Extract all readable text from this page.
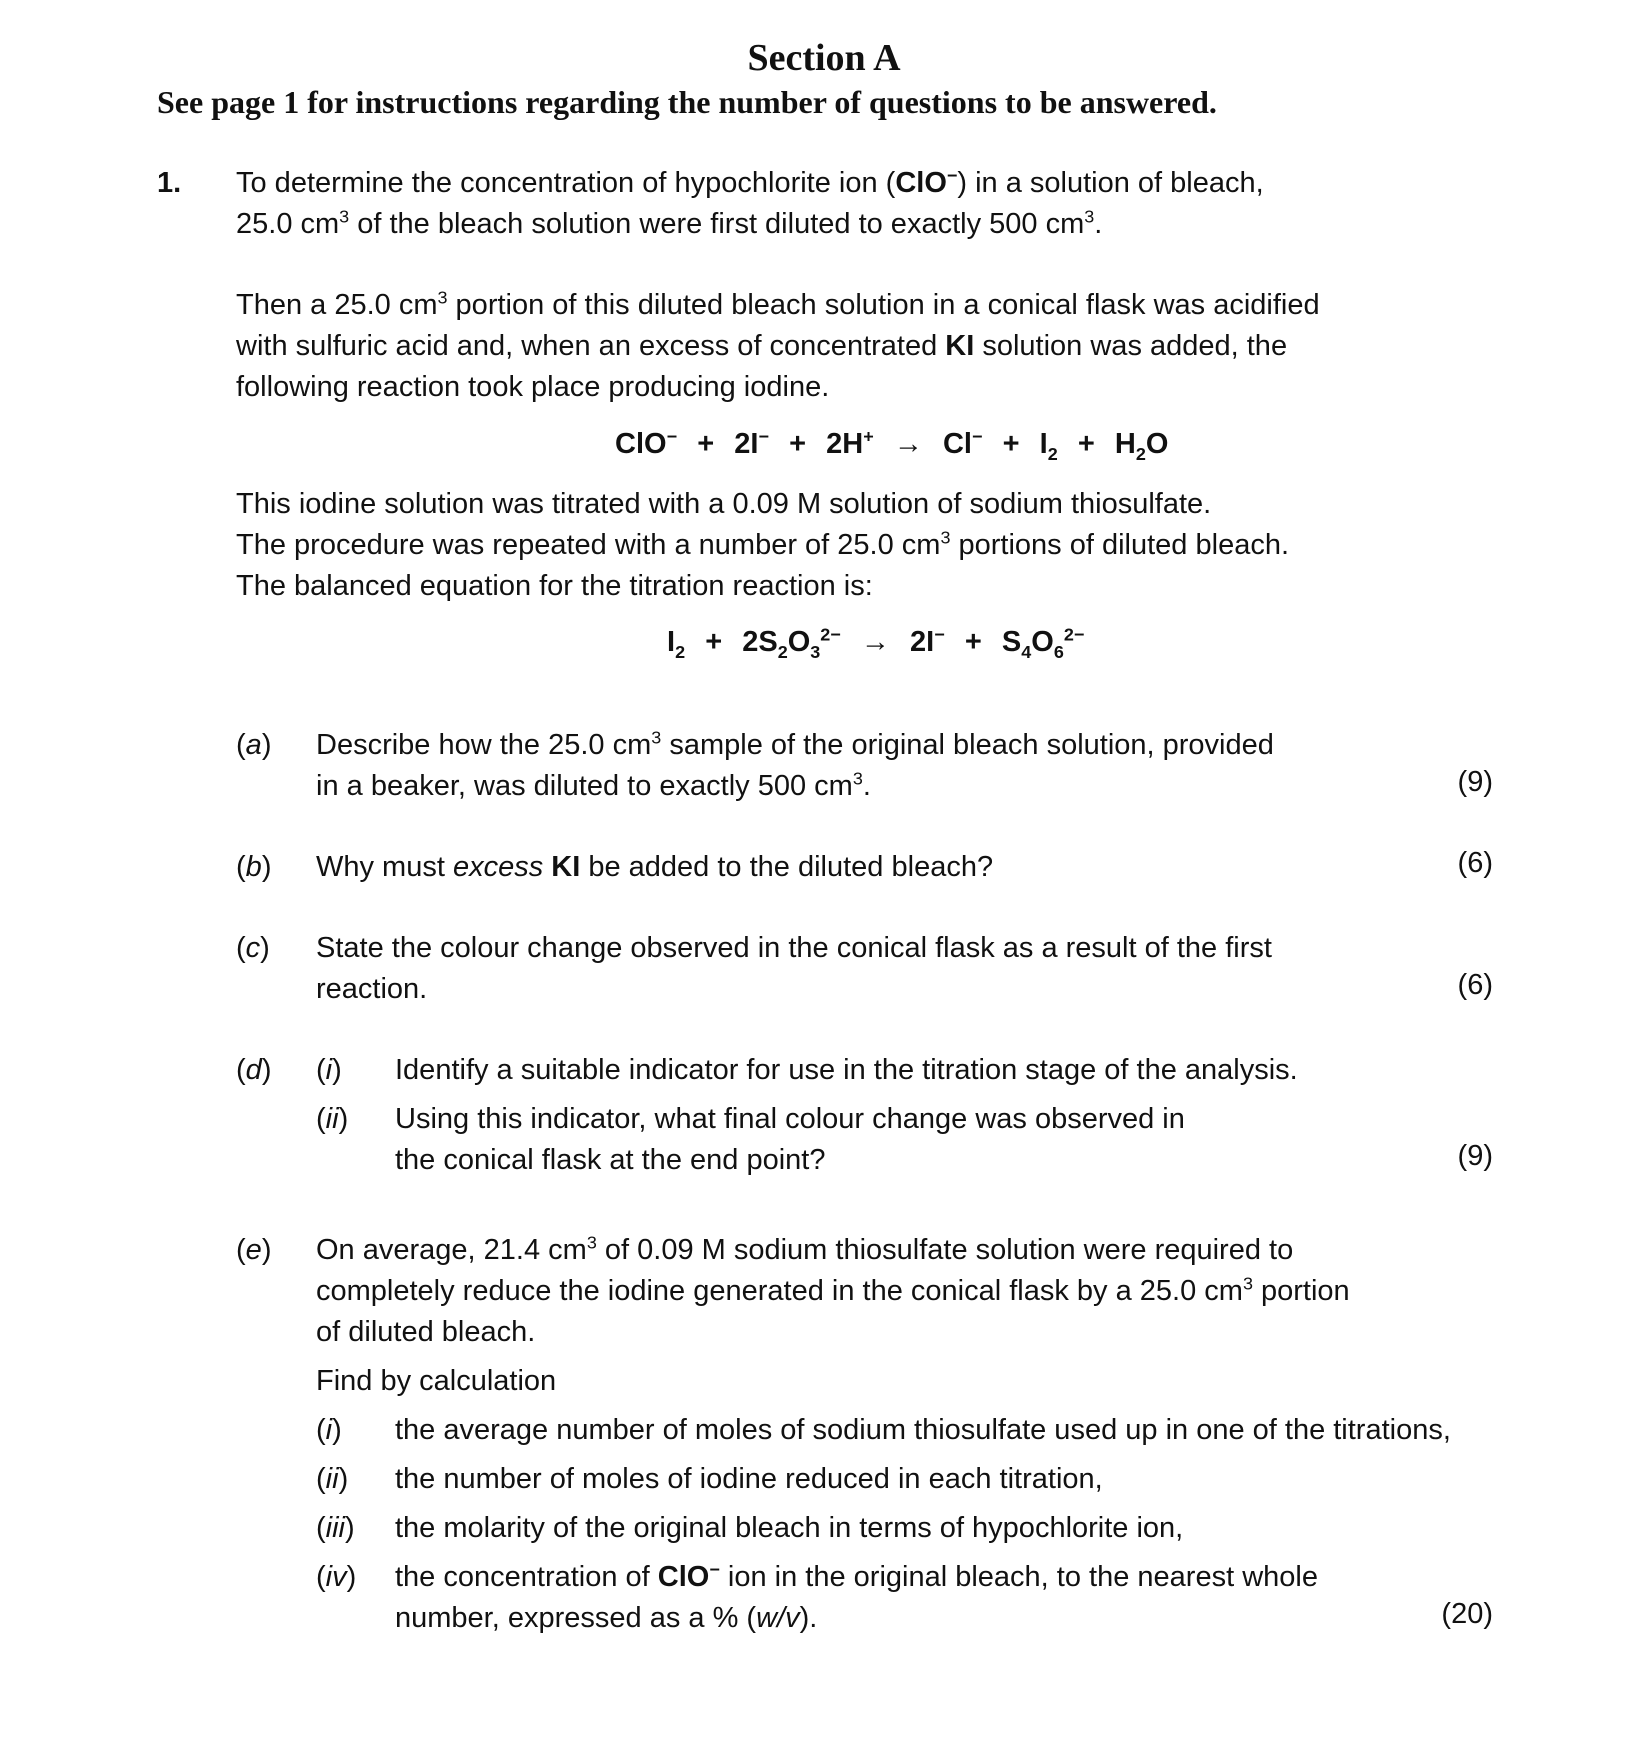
Section A
See page 1 for instructions regarding the number of questions to be answered.
1. To determine the concentration of hypochlorite ion (ClO−) in a solution of bleach,
25.0 $cm^3$ of the bleach solution were first diluted to exactly 500 $cm^3$.
Then a 25.0 $cm^3$ portion of this diluted bleach solution in a conical flask was acidified
with sulfuric acid and, when an excess of concentrated KI solution was added, the
following reaction took place producing iodine.
$ClO^- + 2I^- + 2H^+ \to Cl^- + I_2 + H_2O$
This iodine solution was titrated with a 0.09 M solution of sodium thiosulfate.
The procedure was repeated with a number of 25.0 $cm^3$ portions of diluted bleach.
The balanced equation for the titration reaction is:
$I_2 + 2S_2O_3^{2-} \to 2I^- + S_4O_6^{2-}$
(a) Describe how the 25.0 $cm^3$ sample of the original bleach solution, provided
in a beaker, was diluted to exactly 500 $cm^3$.	(9)
(b) Why must excess KI be added to the diluted bleach?	(6)
(c) State the colour change observed in the conical flask as a result of the first
reaction.	(6)
(d) (i) Identify a suitable indicator for use in the titration stage of the analysis.
(ii) Using this indicator, what final colour change was observed in
the conical flask at the end point?	(9)
(e) On average, 21.4 $cm^3$ of 0.09 M sodium thiosulfate solution were required to
completely reduce the iodine generated in the conical flask by a 25.0 $cm^3$ portion
of diluted bleach.
Find by calculation
(i) the average number of moles of sodium thiosulfate used up in one of the titrations,
(ii) the number of moles of iodine reduced in each titration,
(iii) the molarity of the original bleach in terms of hypochlorite ion,
(iv) the concentration of ClO− ion in the original bleach, to the nearest whole
number, expressed as a % (w/v).	(20)
